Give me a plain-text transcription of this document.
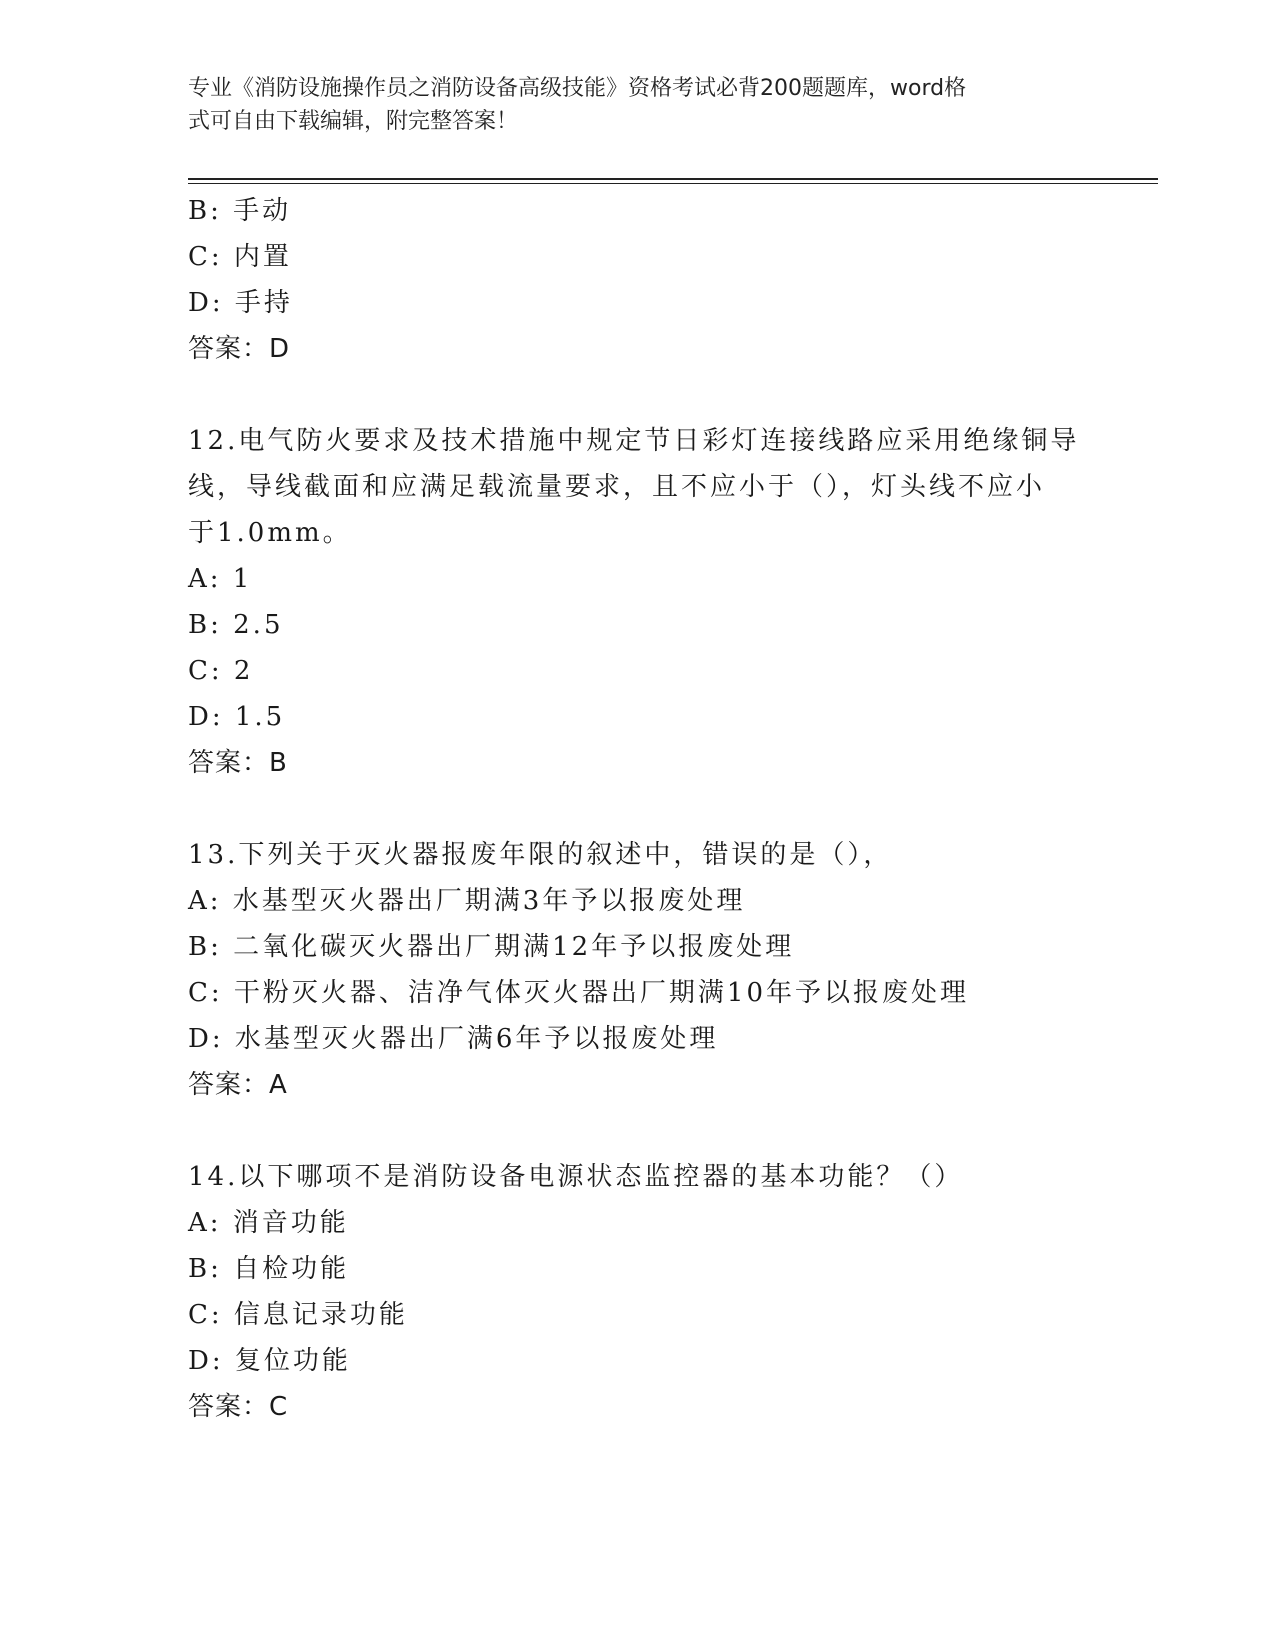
专业《消防设施操作员之消防设备高级技能》资格考试必背200题题库，word格
式可自由下载编辑，附完整答案！
B: 手动
C: 内置
D: 手持
答案：D
12.电气防火要求及技术措施中规定节日彩灯连接线路应采用绝缘铜导
线，导线截面和应满足载流量要求，且不应小于（），灯头线不应小
于1.0mm。
A: 1
B: 2.5
C: 2
D: 1.5
答案：B
13.下列关于灭火器报废年限的叙述中，错误的是（），
A: 水基型灭火器出厂期满3年予以报废处理
B: 二氧化碳灭火器出厂期满12年予以报废处理
C: 干粉灭火器、洁净气体灭火器出厂期满10年予以报废处理
D: 水基型灭火器出厂满6年予以报废处理
答案：A
14.以下哪项不是消防设备电源状态监控器的基本功能？（）
A: 消音功能
B: 自检功能
C: 信息记录功能
D: 复位功能
答案：C
